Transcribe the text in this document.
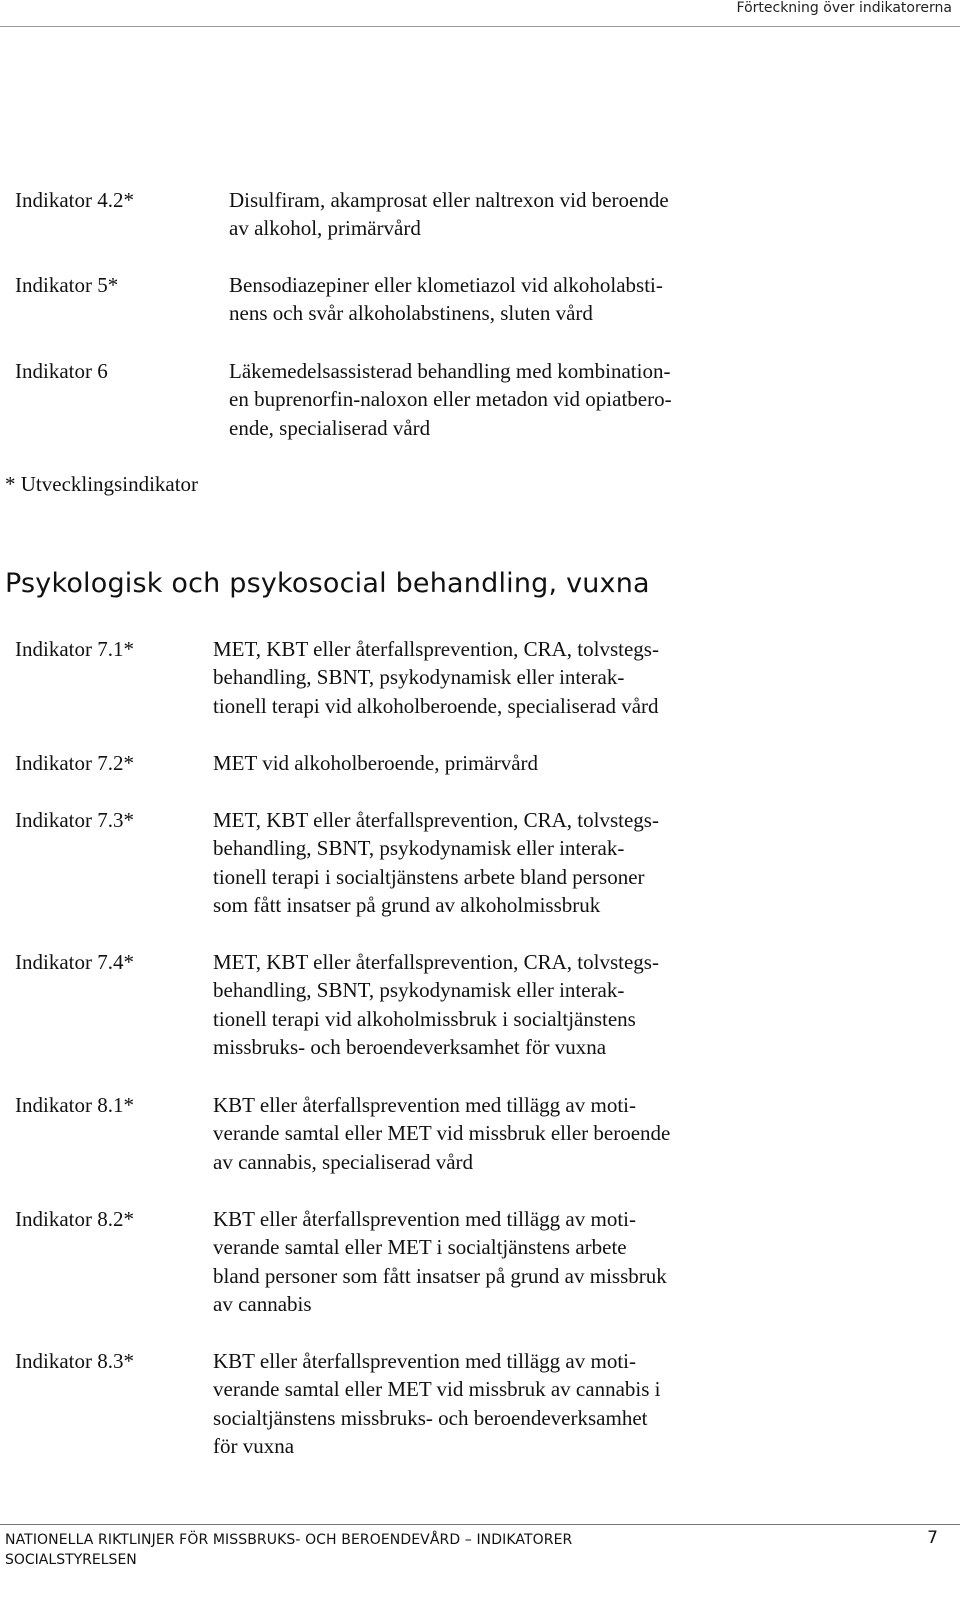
Förteckning över indikatorerna
Indikator 4.2*	Disulfiram, akamprosat eller naltrexon vid beroende
av alkohol, primärvård
Indikator 5*	Bensodiazepiner eller klometiazol vid alkoholabsti-
nens och svår alkoholabstinens, sluten vård
Indikator 6	Läkemedelsassisterad behandling med kombination-
en buprenorfin-naloxon eller metadon vid opiatbero-
ende, specialiserad vård
* Utvecklingsindikator
Psykologisk och psykosocial behandling, vuxna
Indikator 7.1*	MET, KBT eller återfallsprevention, CRA, tolvstegs-
behandling, SBNT, psykodynamisk eller interak-
tionell terapi vid alkoholberoende, specialiserad vård
Indikator 7.2*	MET vid alkoholberoende, primärvård
Indikator 7.3*	MET, KBT eller återfallsprevention, CRA, tolvstegs-
behandling, SBNT, psykodynamisk eller interak-
tionell terapi i socialtjänstens arbete bland personer
som fått insatser på grund av alkoholmissbruk
Indikator 7.4*	MET, KBT eller återfallsprevention, CRA, tolvstegs-
behandling, SBNT, psykodynamisk eller interak-
tionell terapi vid alkoholmissbruk i socialtjänstens
missbruks- och beroendeverksamhet för vuxna
Indikator 8.1*	KBT eller återfallsprevention med tillägg av moti-
verande samtal eller MET vid missbruk eller beroende
av cannabis, specialiserad vård
Indikator 8.2*	KBT eller återfallsprevention med tillägg av moti-
verande samtal eller MET i socialtjänstens arbete
bland personer som fått insatser på grund av missbruk
av cannabis
Indikator 8.3*	KBT eller återfallsprevention med tillägg av moti-
verande samtal eller MET vid missbruk av cannabis i
socialtjänstens missbruks- och beroendeverksamhet
för vuxna
NATIONELLA RIKTLINJER FÖR MISSBRUKS- OCH BEROENDEVÅRD – INDIKATORER
SOCIALSTYRELSEN
7
